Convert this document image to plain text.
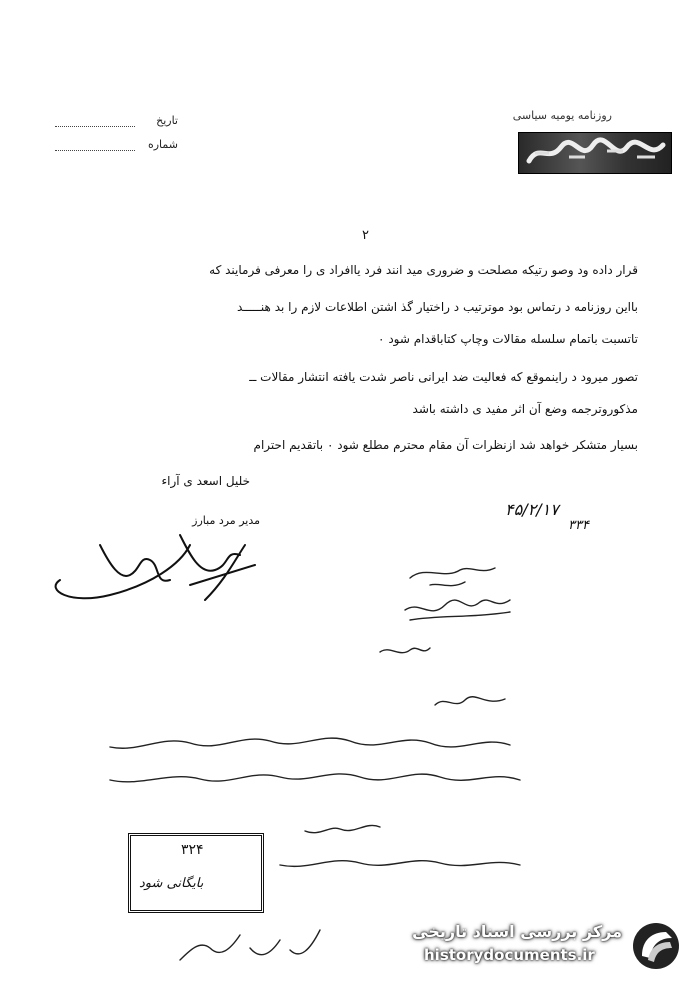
روزنامه یومیه سیاسی
تاریخ
شماره
۲
قرار داده ود وصو رتیکه مصلحت و ضروری مید انند فرد یاافراد ی را معرفی فرمایند که
بااین روزنامه د رتماس بود موترتیب د راختیار گذ اشتن اطلاعات لازم را بد هنـــــد
تاتسبت باتمام سلسله مقالات وچاپ کتاباقدام شود ٠
تصور میرود د راینموقع که فعالیت ضد ایرانی ناصر شدت یافته انتشار مقالات ــ
مذکوروترجمه وضع آن اثر مفید ی داشته باشد
بسیار متشکر خواهد شد ازنظرات آن مقام محترم مطلع شود ٠ باتقدیم احترام
خلیل اسعد ی آراء
مدیر مرد مبارز
۴۵/۲/۱۷
۳۳۴
۳۲۴
بایگانی شود
مرکز بررسی اسناد تاریخی
historydocuments.ir
